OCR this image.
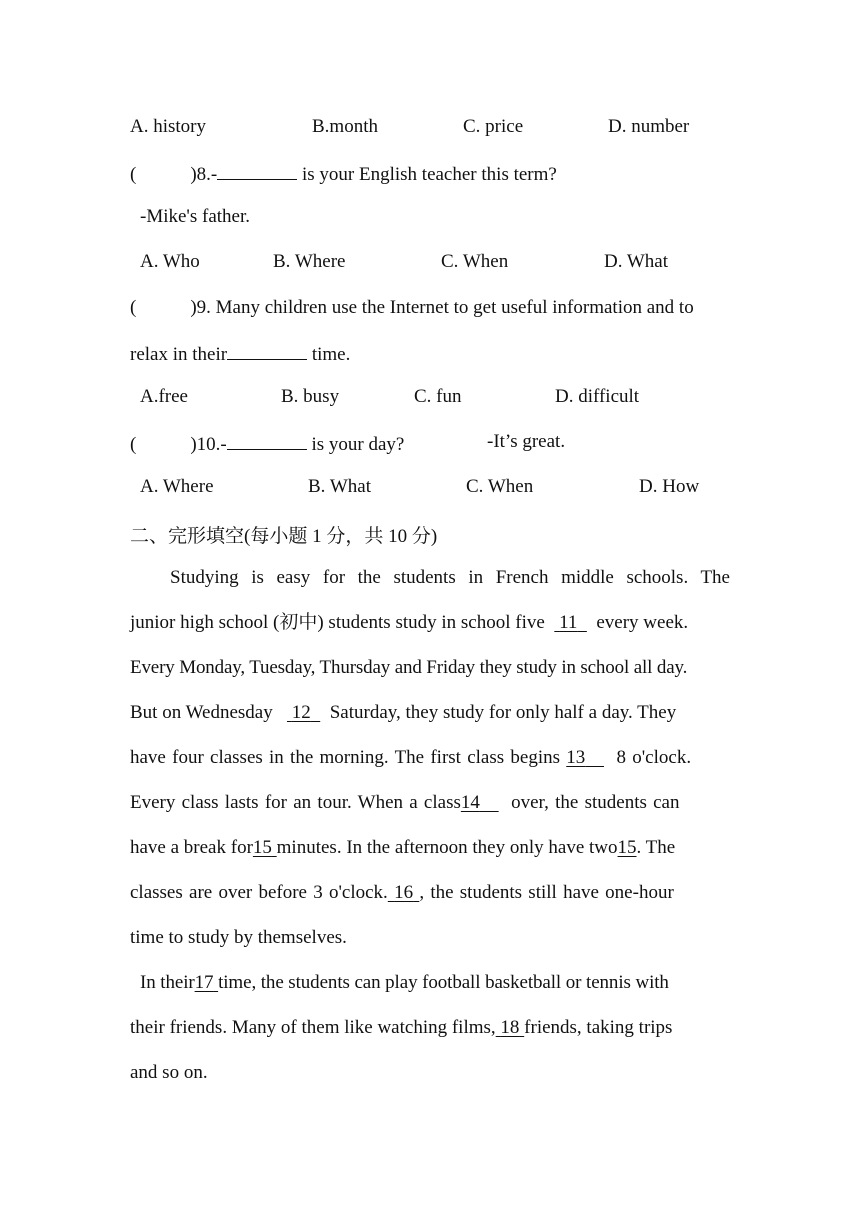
A. history	B.month	C. price	D. number
(	)8.-	is your English teacher this term?
-Mike's father.
A. Who	B. Where	C. When	D. What
(	)9. Many children use the Internet to get useful information and to
relax in their	time.
A.free	B. busy	C. fun	D. difficult
(	)10.-	is your day?	-It’s great.
A. Where	B. What	C. When	D. How
二、完形填空(每小题 1 分，共 10 分)
Studying is easy for the students in French middle schools. The
junior high school (初中) students study in school five 11 every week.
Every Monday, Tuesday, Thursday and Friday they study in school all day.
But on Wednesday 12 Saturday, they study for only half a day. They
have four classes in the morning. The first class begins 13 8 o'clock.
Every class lasts for an tour. When a class14 over, the students can
have a break for15 minutes. In the afternoon they only have two15. The
classes are over before 3 o'clock. 16 , the students still have one-hour
time to study by themselves.
In their17 time, the students can play football basketball or tennis with
their friends. Many of them like watching films, 18 friends, taking trips
and so on.
